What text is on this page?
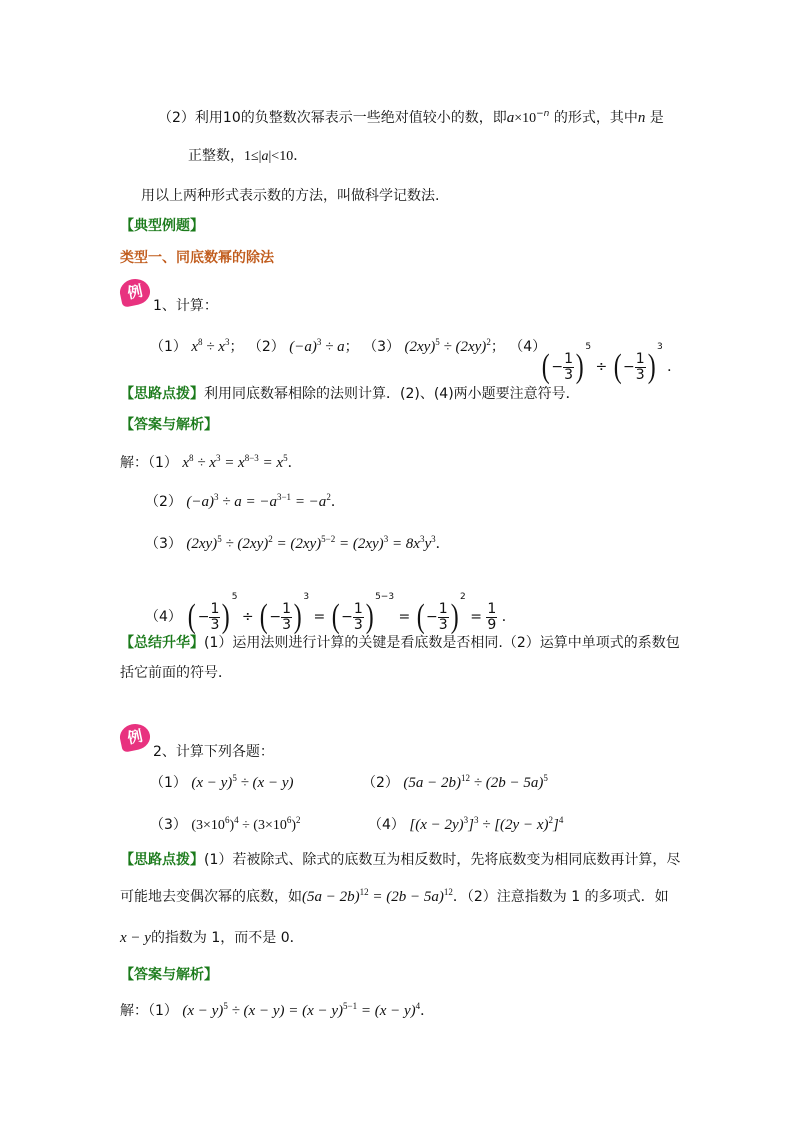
（2）利用10的负整数次幂表示一些绝对值较小的数，即$a\times 10^{-n}$ 的形式，其中n 是
正整数，1≤|a|<10．
用以上两种形式表示数的方法，叫做科学记数法.
【典型例题】
类型一、同底数幂的除法
例
1、计算：
（1） $x^8 \div x^3$； （2） $(-a)^3 \div a$； （3） $(2xy)^5 \div (2xy)^2$； （4）
( − $\frac{1}{3} )^5$ ÷ ( − $\frac{1}{3} )^3$ ．
【思路点拨】利用同底数幂相除的法则计算．(2)、(4)两小题要注意符号．
【答案与解析】
解：（1） $x^8 \div x^3 = x^{8-3} = x^5$．
（2） $(-a)^3 \div a = -a^{3-1} = -a^2$．
（3） $(2xy)^5 \div (2xy)^2 = (2xy)^{5-2} = (2xy)^3 = 8x^3y^3$．
（4） ( − $\frac{1}{3} )^5$ ÷ ( − $\frac{1}{3} )^3$ = ( − $\frac{1}{3} )^{5-3}$ = ( − $\frac{1}{3} )^2 = \frac{1}{9}$ ．
【总结升华】(1）运用法则进行计算的关键是看底数是否相同.（2）运算中单项式的系数包
括它前面的符号．
例
2、计算下列各题：
（1） $(x - y)^5 \div (x - y)$	（2） $(5a - 2b)^{12} \div (2b - 5a)^5$
（3） $(3\times 10^6)^4 \div (3\times 10^6)^2$	（4） $[(x - 2y)^3]^3 \div [(2y - x)^2]^4$
【思路点拨】(1）若被除式、除式的底数互为相反数时，先将底数变为相同底数再计算，尽
可能地去变偶次幂的底数，如$(5a - 2b)^{12} = (2b - 5a)^{12}$．（2）注意指数为 1 的多项式．如
x − y的指数为 1，而不是 0．
【答案与解析】
解：（1） $(x - y)^5 \div (x - y) = (x - y)^{5-1} = (x - y)^4$．
